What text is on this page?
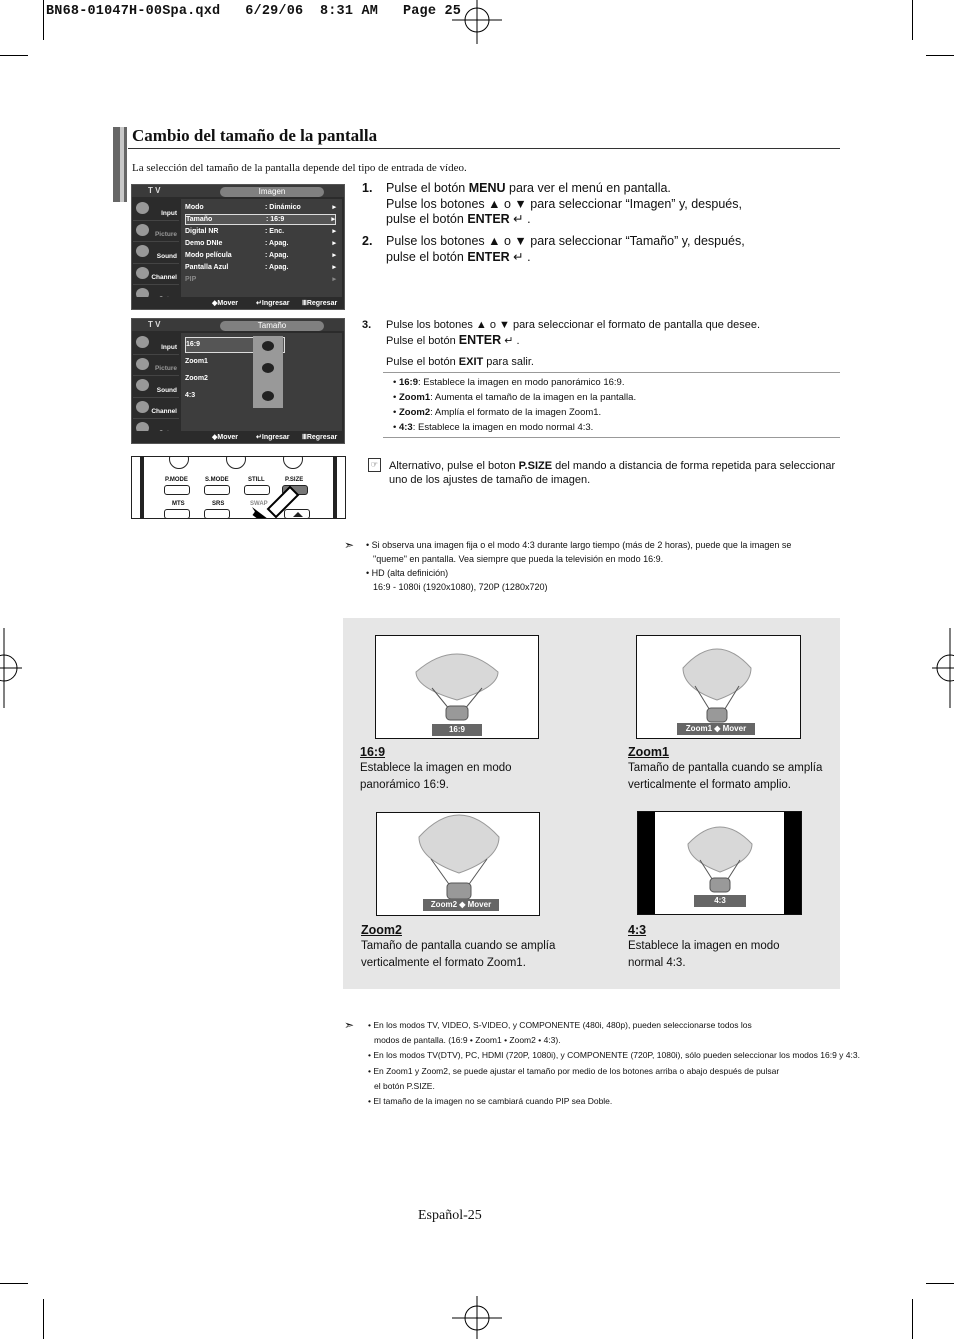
BN68-01047H-00Spa.qxd   6/29/06  8:31 AM   Page 25
Cambio del tamaño de la pantalla
La selección del tamaño de la pantalla depende del tipo de entrada de vídeo.
T V	Imagen
Input
Picture
Sound
Channel
Modo	: Dinámico	▸
Tamaño	: 16:9	▸
Digital NR	: Enc.	▸
Demo DNIe	: Apag.	▸
Modo película	: Apag.	▸
Pantalla Azul	: Apag.	▸
PIP	▸
◆Mover	↵Ingresar ⅢRegresar
T V	Tamaño
Input
Picture
Sound
Channel
16:9
Zoom1
Zoom2
4:3
◆Mover	↵Ingresar ⅢRegresar
1. Pulse el botón MENU para ver el menú en pantalla.
Pulse los botones ▲ o ▼ para seleccionar “Imagen” y, después,
pulse el botón ENTER ↵ .
2. Pulse los botones ▲ o ▼ para seleccionar “Tamaño” y, después,
pulse el botón ENTER ↵ .
3. Pulse los botones ▲ o ▼ para seleccionar el formato de pantalla que desee.
Pulse el botón ENTER ↵ .
Pulse el botón EXIT para salir.
• 16:9: Establece la imagen en modo panorámico 16:9.
• Zoom1: Aumenta el tamaño de la imagen en la pantalla.
• Zoom2: Amplía el formato de la imagen Zoom1.
• 4:3: Establece la imagen en modo normal 4:3.
P.MODE	S.MODE	STILL	P.SIZE
MTS	SRS	SWAP
☞ Alternativo, pulse el boton P.SIZE del mando a distancia de forma repetida para seleccionar
uno de los ajustes de tamaño de imagen.
➣ • Si observa una imagen fija o el modo 4:3 durante largo tiempo (más de 2 horas), puede que la imagen se
"queme" en pantalla. Vea siempre que pueda la televisión en modo 16:9.
• HD (alta definición)
16:9 - 1080i (1920x1080), 720P (1280x720)
16:9
16:9
Establece la imagen en modo
panorámico 16:9.
Zoom1 ◆ Mover
Zoom1
Tamaño de pantalla cuando se amplía
verticalmente el formato amplio.
Zoom2 ◆ Mover
Zoom2
Tamaño de pantalla cuando se amplía
verticalmente el formato Zoom1.
4:3
4:3
Establece la imagen en modo
normal 4:3.
➣ • En los modos TV, VIDEO, S-VIDEO, y COMPONENTE (480i, 480p), pueden seleccionarse todos los
modos de pantalla. (16:9 • Zoom1 • Zoom2 • 4:3).
• En los modos TV(DTV), PC, HDMI (720P, 1080i), y COMPONENTE (720P, 1080i), sólo pueden seleccionar los modos 16:9 y 4:3.
• En Zoom1 y Zoom2, se puede ajustar el tamaño por medio de los botones arriba o abajo después de pulsar
el botón P.SIZE.
• El tamaño de la imagen no se cambiará cuando PIP sea Doble.
Español-25
